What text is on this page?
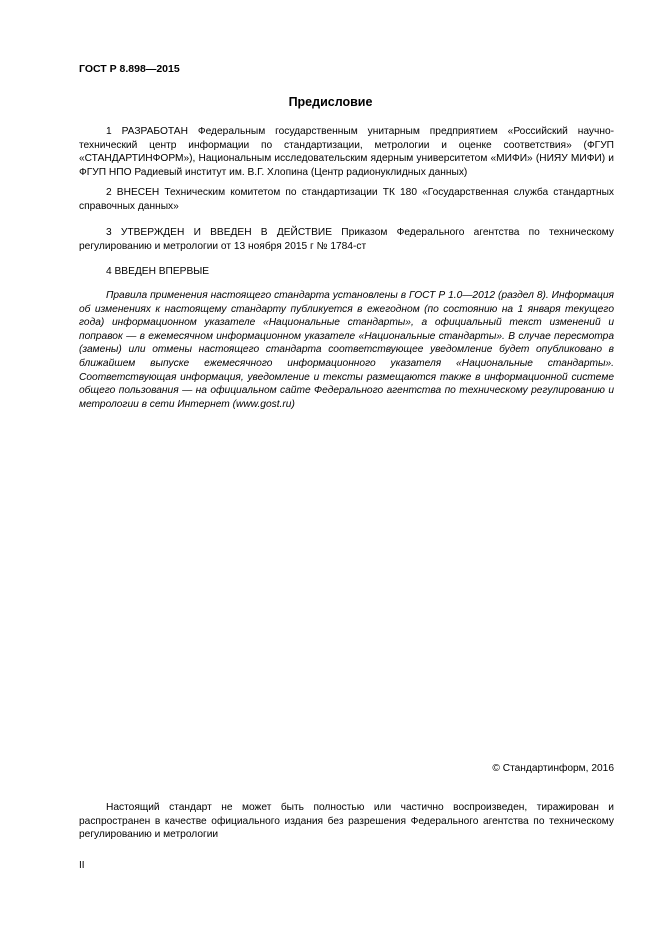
ГОСТ Р 8.898—2015
Предисловие

1 РАЗРАБОТАН Федеральным государственным унитарным предприятием «Российский научно-технический центр информации по стандартизации, метрологии и оценке соответствия» (ФГУП «СТАНДАРТИНФОРМ»), Национальным исследовательским ядерным университетом «МИФИ» (НИЯУ МИФИ) и ФГУП НПО Радиевый институт им. В.Г. Хлопина (Центр радионуклидных данных)

2 ВНЕСЕН Техническим комитетом по стандартизации ТК 180 «Государственная служба стандартных справочных данных»

3 УТВЕРЖДЕН И ВВЕДЕН В ДЕЙСТВИЕ Приказом Федерального агентства по техническому регулированию и метрологии от 13 ноября 2015 г № 1784-ст

4 ВВЕДЕН ВПЕРВЫЕ

Правила применения настоящего стандарта установлены в ГОСТ Р 1.0—2012 (раздел 8). Информация об изменениях к настоящему стандарту публикуется в ежегодном (по состоянию на 1 января текущего года) информационном указателе «Национальные стандарты», а официальный текст изменений и поправок — в ежемесячном информационном указателе «Национальные стандарты». В случае пересмотра (замены) или отмены настоящего стандарта соответствующее уведомление будет опубликовано в ближайшем выпуске ежемесячного информационного указателя «Национальные стандарты». Соответствующая информация, уведомление и тексты размещаются также в информационной системе общего пользования — на официальном сайте Федерального агентства по техническому регулированию и метрологии в сети Интернет (www.gost.ru)

© Стандартинформ, 2016

Настоящий стандарт не может быть полностью или частично воспроизведен, тиражирован и распространен в качестве официального издания без разрешения Федерального агентства по техническому регулированию и метрологии

II
